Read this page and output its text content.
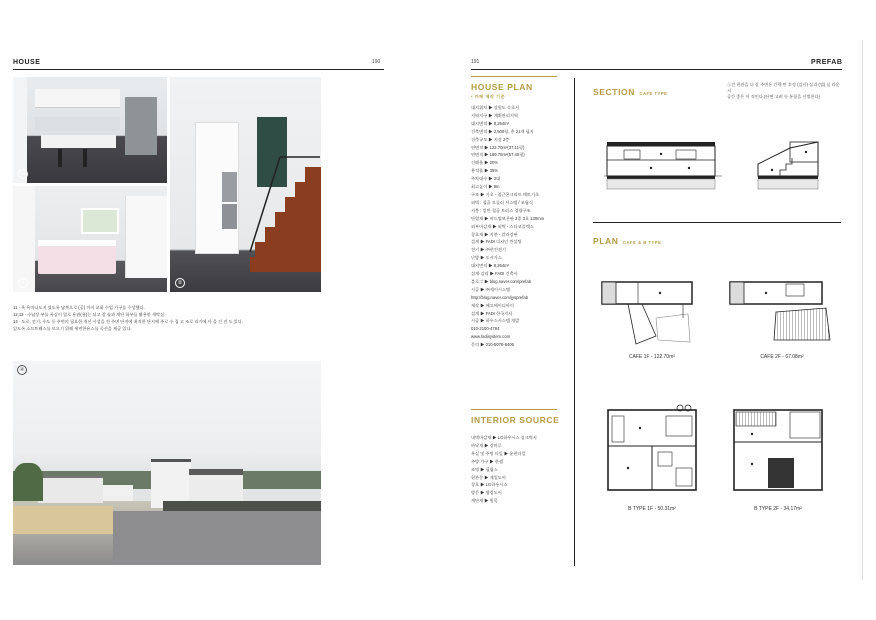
HOUSE	190
①
②
③
11 · 욕 욕마나도지 였도록 남쪽으로 (공) 까지 교회 수업 가구를 수성했다.
12,13 · 수납장 부를 폭실이 열로 용관(용)는 되고 잘 술과 계단 하부를 활용한 세탁실
14 · 도로, 전기, 수도 등 주변의 필요한 개선 시설을 전 주변 단지에 최적한 단지에 주로 수 집 고 조로 리기에 사 을 건 전 도 있다.
있도록 소프트웨스를 모으기 위해 세련한유스를 곡선을 제공 있다.
④
191	PREFAB
HOUSE PLAN
• 카페 제작 기준
대지위치 ▶ 강원도 속초시
지역지구 ▶ 계획관리지역
대지면적 ▶ 8,264m²
건축면적 ▶ 2,500평, 총 21개 필지
건축규모 ▶ 지상 2층
연면적 ▶ 122.70m²(37.11평)
연면적 ▶ 189.75m²(57.40평)
건폐율 ▶ 20%
용적률 ▶ 35%
주차대수 ▶ 2대
최고높이 ▶ 8m
구조 ▶ 기초 - 철근콘크리트 매트기초
외벽 : 철골 모듈러 시스템 / 조립식
지붕 : 일반 철골 트러스 경량구조
단열재 ▶ 비드법보온판 2종 3호 130mm
외부마감재 ▶ 외벽 - 스타코플렉스
창호재 ▶ 지붕 - 칼라강판
설계 ▶ FADI 디자인 컨설팅
전기 ▶ ㈜현진전기
난방 ▶ 도시가스
대지면적 ▶ 8,264m²
설계·감리 ▶ FADI 건축사
블로그 ▶ blog.naver.com/prefab
시공 ▶ ㈜제이시스템
http://blog.naver.com/jysprefab
제작 ▶ 에프에이디아이
설계 ▶ FADI 한국지사
시공 ▶ 하우스시스템 개발
010-2100-4764
www.fadisystem.com
문의 ▶ 010-5076-6406
INTERIOR SOURCE
내벽마감재 ▶ LG하우시스 실크벽지
바닥재 ▶ 강마루
욕실 및 주방 타일 ▶ 윤현타일
주방 가구 ▶ 한샘
조명 ▶ 필립스
현관문 ▶ 제일도어
창호 ▶ LG하우시스
방문 ▶ 영림도어
계단재 ▶ 원목
SECTION CAFE TYPE
①건 현관을 더 잘 주변은 간략 만 후정 (감사) 실과 (법) 실 라운지
공간 좋은 이 적인다.(단면 고려 등 통합을 선별한다)
PLAN CAFE & B TYPE
CAFE 1F - 122.70m²	CAFE 2F - 67.08m²
B TYPE 1F - 50.31m²	B TYPE 2F - 34.17m²
